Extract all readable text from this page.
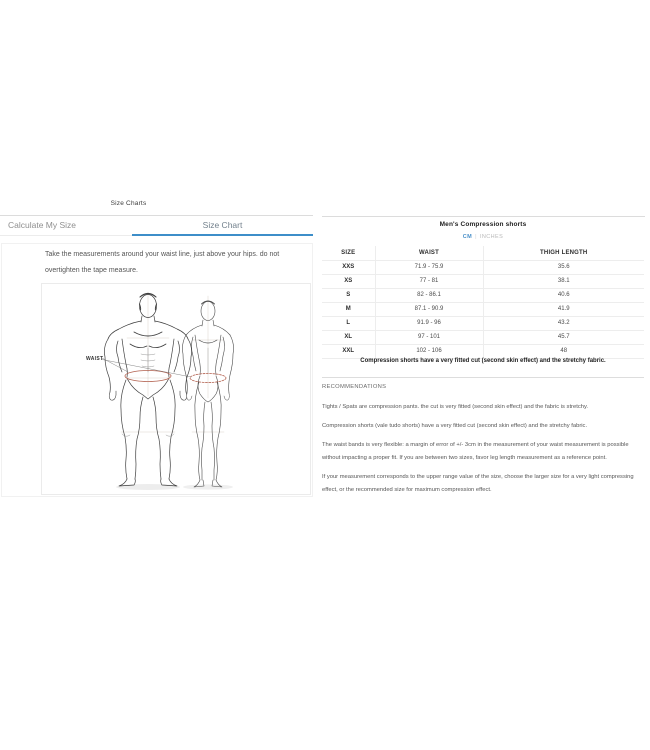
Size Charts
Calculate My Size	Size Chart
Take the measurements around your waist line, just above your hips. do not overtighten the tape measure.
WAIST
Men's Compression shorts
CM | INCHES
SIZE	WAIST	THIGH LENGTH
XXS	71.9 - 75.9	35.6
XS	77 - 81	38.1
S	82 - 86.1	40.6
M	87.1 - 90.9	41.9
L	91.9 - 96	43.2
XL	97 - 101	45.7
XXL	102 - 106	48
Compression shorts have a very fitted cut (second skin effect) and the stretchy fabric.
RECOMMENDATIONS

Tights / Spats are compression pants. the cut is very fitted (second skin effect) and the fabric is stretchy.

Compression shorts (vale tudo shorts) have a very fitted cut (second skin effect) and the stretchy fabric.

The waist bands is very flexible: a margin of error of +/- 3cm in the measurement of your waist measurement is possible without impacting a proper fit. If you are between two sizes, favor leg length measurement as a reference point.

If your measurement corresponds to the upper range value of the size, choose the larger size for a very light compressing effect, or the recommended size for maximum compression effect.
